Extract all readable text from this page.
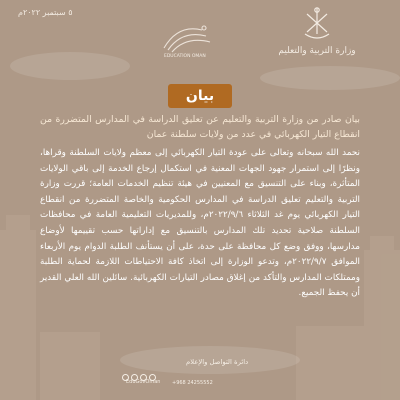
٥ سبتمبر ٢٠٢٢م
EDUCATION OMAN
وزارة التربية والتعليم
بيان

بيان صادر من وزارة التربية والتعليم عن تعليق الدراسة في المدارس المتضررة من انقطاع التيار الكهربائي في عدد من ولايات سلطنة عمان

نحمد الله سبحانه وتعالى على عودة التيار الكهربائي إلى معظم ولايات السلطنة وقراها، ونظرًا إلى استمرار جهود الجهات المعنية في استكمال إرجاع الخدمة إلى باقي الولايات المتأثرة، وبناء على التنسيق مع المعنيين في هيئة تنظيم الخدمات العامة؛ قررت وزارة التربية والتعليم تعليق الدراسة في المدارس الحكومية والخاصة المتضررة من انقطاع التيار الكهربائي يوم غد الثلاثاء ٢٠٢٢/٩/٦م، وللمديريات التعليمية العامة في محافظات السلطنة صلاحية تحديد تلك المدارس بالتنسيق مع إداراتها حسب تقييمها لأوضاع مدارسها، ووفق وضع كل محافظة على حدة، على أن يستأنف الطلبة الدوام يوم الأربعاء الموافق ٢٠٢٢/٩/٧م، وتدعو الوزارة إلى اتخاذ كافة الاحتياطات اللازمة لحماية الطلبة وممتلكات المدارس والتأكد من إغلاق مصادر التيارات الكهربائية. سائلين الله العلي القدير أن يحفظ الجميع.

دائرة التواصل والإعلام
EduGovOman +968 24255552
